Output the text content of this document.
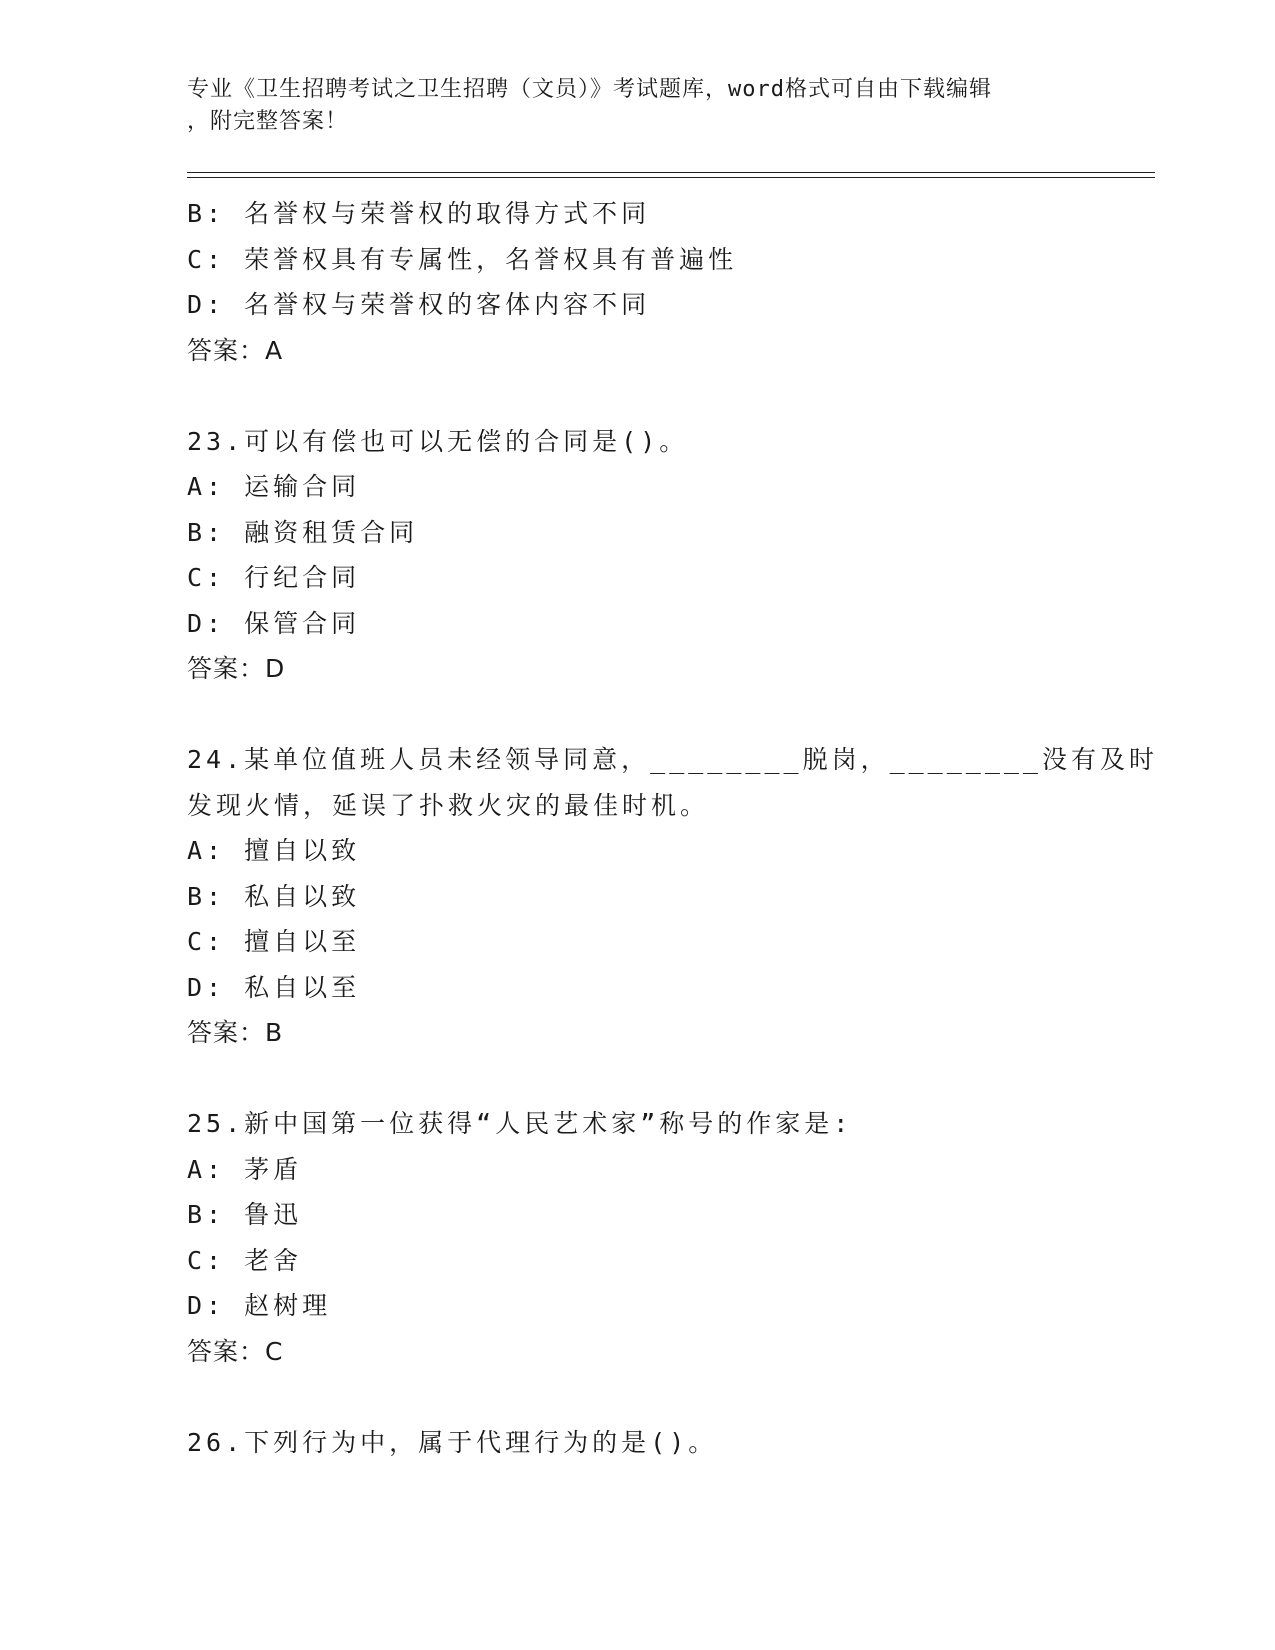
专业《卫生招聘考试之卫生招聘（文员）》考试题库，word格式可自由下载编辑
，附完整答案！
B: 名誉权与荣誉权的取得方式不同
C: 荣誉权具有专属性，名誉权具有普遍性
D: 名誉权与荣誉权的客体内容不同
答案：A
23.可以有偿也可以无偿的合同是()。
A: 运输合同
B: 融资租赁合同
C: 行纪合同
D: 保管合同
答案：D
24.某单位值班人员未经领导同意，________脱岗，________没有及时
发现火情，延误了扑救火灾的最佳时机。
A: 擅自以致
B: 私自以致
C: 擅自以至
D: 私自以至
答案：B
25.新中国第一位获得“人民艺术家”称号的作家是:
A: 茅盾
B: 鲁迅
C: 老舍
D: 赵树理
答案：C
26.下列行为中，属于代理行为的是()。
